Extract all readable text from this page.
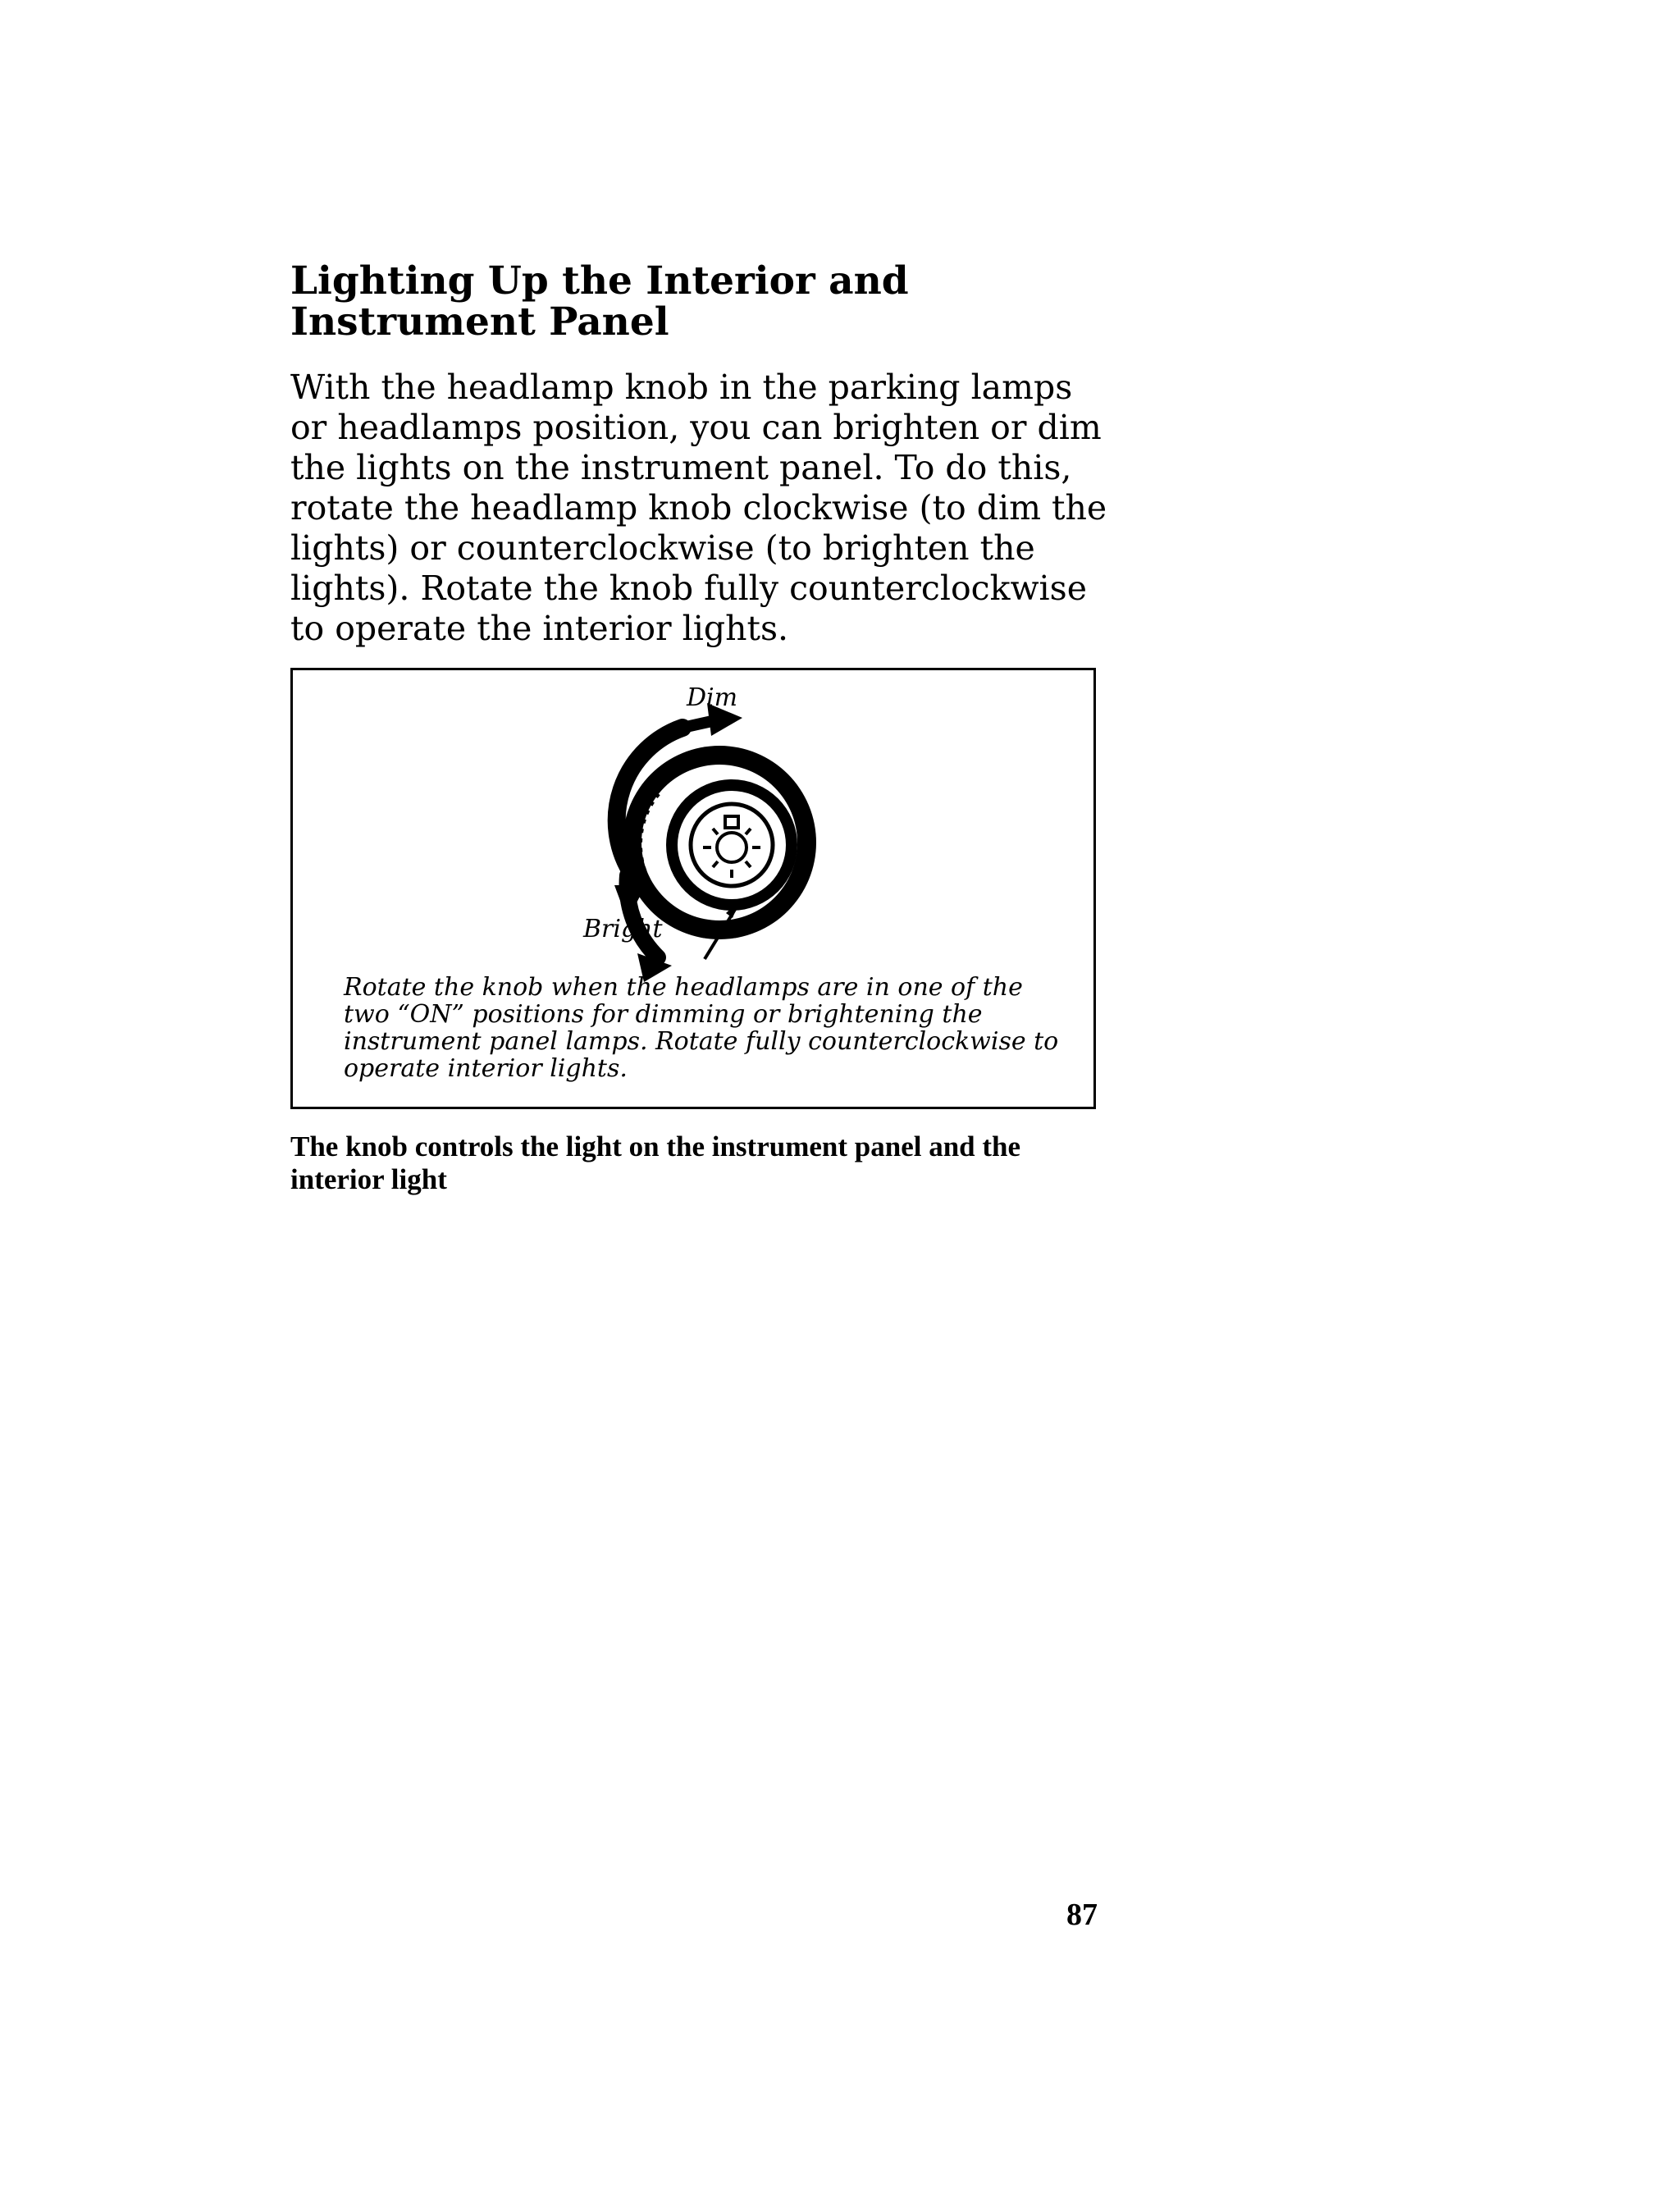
Lighting Up the Interior and Instrument Panel

With the headlamp knob in the parking lamps or headlamps position, you can brighten or dim the lights on the instrument panel. To do this, rotate the headlamp knob clockwise (to dim the lights) or counterclockwise (to brighten the lights). Rotate the knob fully counterclockwise to operate the interior lights.

Dim
Bright
Rotate the knob when the headlamps are in one of the two “ON” positions for dimming or brightening the instrument panel lamps. Rotate fully counterclockwise to operate interior lights.
The knob controls the light on the instrument panel and the interior light
87
